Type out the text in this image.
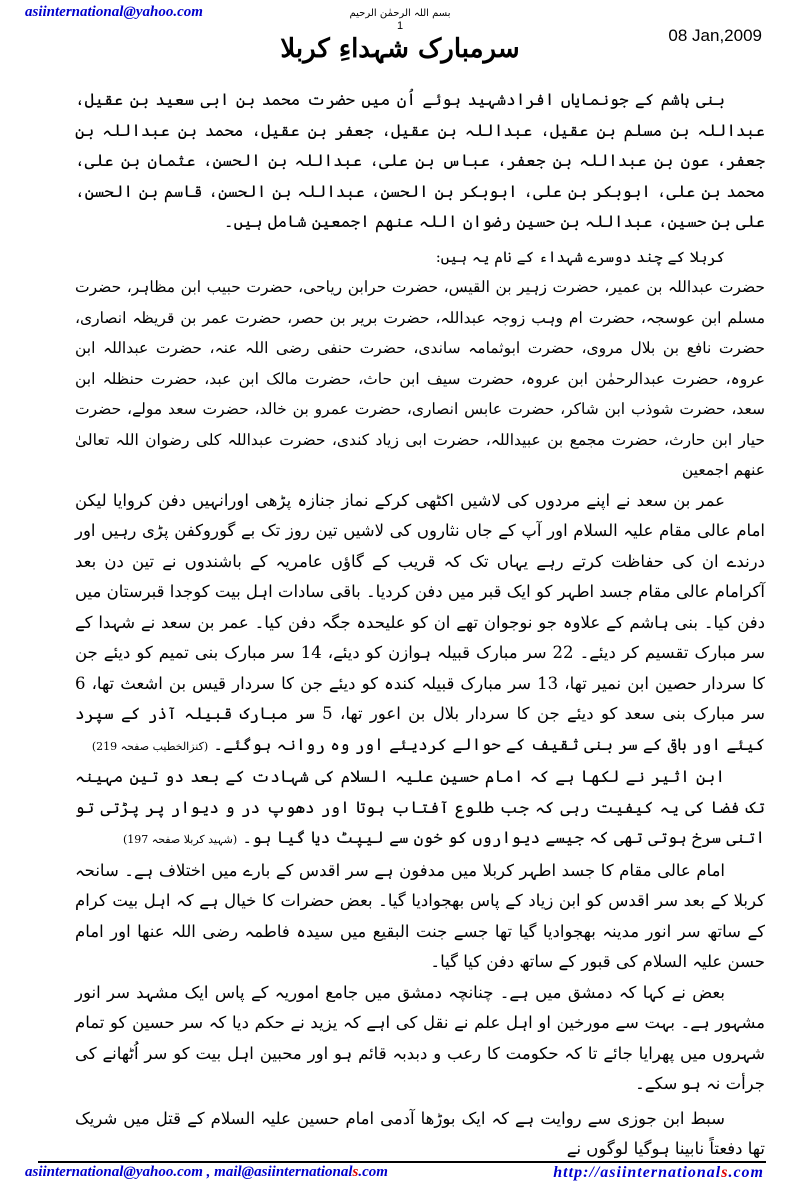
asiinternational@yahoo.com	بسم اللہ الرحمٰن الرحیم
1	08 Jan,2009
سرمبارک شہداءِ کربلا

بنی ہاشم کے جونمایاں افرادشہید ہوئے اُن میں حضرت محمد بن ابی سعید بن عقیل، عبداللہ بن مسلم بن عقیل، عبداللہ بن عقیل، جعفر بن عقیل، محمد بن عبداللہ بن جعفر، عون بن عبداللہ بن جعفر، عباس بن علی، عبداللہ بن الحسن، عثمان بن علی، محمد بن علی، ابوبکر بن علی، ابوبکر بن الحسن، عبداللہ بن الحسن، قاسم بن الحسن، علی بن حسین، عبداللہ بن حسین رضوان اللہ عنھم اجمعین شامل ہیں۔

کربلا کے چند دوسرے شہداء کے نام یہ ہیں:

حضرت عبداللہ بن عمیر، حضرت زہیر بن القیس، حضرت حرابن ریاحی، حضرت حبیب ابن مظاہر، حضرت مسلم ابن عوسجہ، حضرت ام وہب زوجہ عبداللہ، حضرت بریر بن حصر، حضرت عمر بن قریظہ انصاری، حضرت نافع بن بلال مروی، حضرت ابوثمامہ ساندی، حضرت حنفی رضی اللہ عنہ، حضرت عبداللہ ابن عروہ، حضرت عبدالرحمٰن ابن عروہ، حضرت سیف ابن حاث، حضرت مالک ابن عبد، حضرت حنظلہ ابن سعد، حضرت شوذب ابن شاکر، حضرت عابس انصاری، حضرت عمرو بن خالد، حضرت سعد مولے، حضرت حیار ابن حارث، حضرت مجمع بن عبیداللہ، حضرت ابی زیاد کندی، حضرت عبداللہ کلی رضوان اللہ تعالیٰ عنھم اجمعین

عمر بن سعد نے اپنے مردوں کی لاشیں اکٹھی کرکے نماز جنازہ پڑھی اورانہیں دفن کروایا لیکن امام عالی مقام علیہ السلام اور آپ کے جاں نثاروں کی لاشیں تین روز تک بے گوروکفن پڑی رہیں اور درندے ان کی حفاظت کرتے رہے یہاں تک کہ قریب کے گاؤں عامریہ کے باشندوں نے تین دن بعد آکرامام عالی مقام جسد اطہر کو ایک قبر میں دفن کردیا۔ باقی سادات اہل بیت کوجدا قبرستان میں دفن کیا۔ بنی ہاشم کے علاوہ جو نوجوان تھے ان کو علیحدہ جگہ دفن کیا۔ عمر بن سعد نے شہدا کے سر مبارک تقسیم کر دیئے۔ 22 سر مبارک قبیلہ ہوازن کو دیئے، 14 سر مبارک بنی تمیم کو دیئے جن کا سردار حصین ابن نمیر تھا، 13 سر مبارک قبیلہ کندہ کو دیئے جن کا سردار قیس بن اشعث تھا، 6 سر مبارک بنی سعد کو دیئے جن کا سردار بلال بن اعور تھا، 5 سر مبارک قبیلہ آذر کے سپرد کیئے اور باقی کے سر بنی ثقیف کے حوالے کردیئے اور وہ روانہ ہوگئے۔ (کنزالخطیب صفحہ 219)

ابن اثیر نے لکھا ہے کہ امام حسین علیہ السلام کی شہادت کے بعد دو تین مہینہ تک فضا کی یہ کیفیت رہی کہ جب طلوع آفتاب ہوتا اور دھوپ در و دیوار پر پڑتی تو اتنی سرخ ہوتی تھی کہ جیسے دیواروں کو خون سے لیپٹ دیا گیا ہو۔ (شہید کربلا صفحہ 197)

امام عالی مقام کا جسد اطہر کربلا میں مدفون ہے سر اقدس کے بارے میں اختلاف ہے۔ سانحہ کربلا کے بعد سر اقدس کو ابن زیاد کے پاس بھجوادیا گیا۔ بعض حضرات کا خیال ہے کہ اہل بیت کرام کے ساتھ سر انور مدینہ بھجوادیا گیا تھا جسے جنت البقیع میں سیدہ فاطمہ رضی اللہ عنھا اور امام حسن علیہ السلام کی قبور کے ساتھ دفن کیا گیا۔

بعض نے کہا کہ دمشق میں ہے۔ چنانچہ دمشق میں جامع اموریہ کے پاس ایک مشہد سر انور مشہور ہے۔ بہت سے مورخین او اہل علم نے نقل کی اہے کہ یزید نے حکم دیا کہ سر حسین کو تمام شہروں میں پھرایا جائے تا کہ حکومت کا رعب و دبدبہ قائم ہو اور محبین اہل بیت کو سر اُٹھانے کی جرأت نہ ہو سکے۔

سبط ابن جوزی سے روایت ہے کہ ایک بوڑھا آدمی امام حسین علیہ السلام کے قتل میں شریک تھا دفعتاً نابینا ہوگیا لوگوں نے

asiinternational@yahoo.com , mail@asiinternationals.com	http://asiinternationals.com
